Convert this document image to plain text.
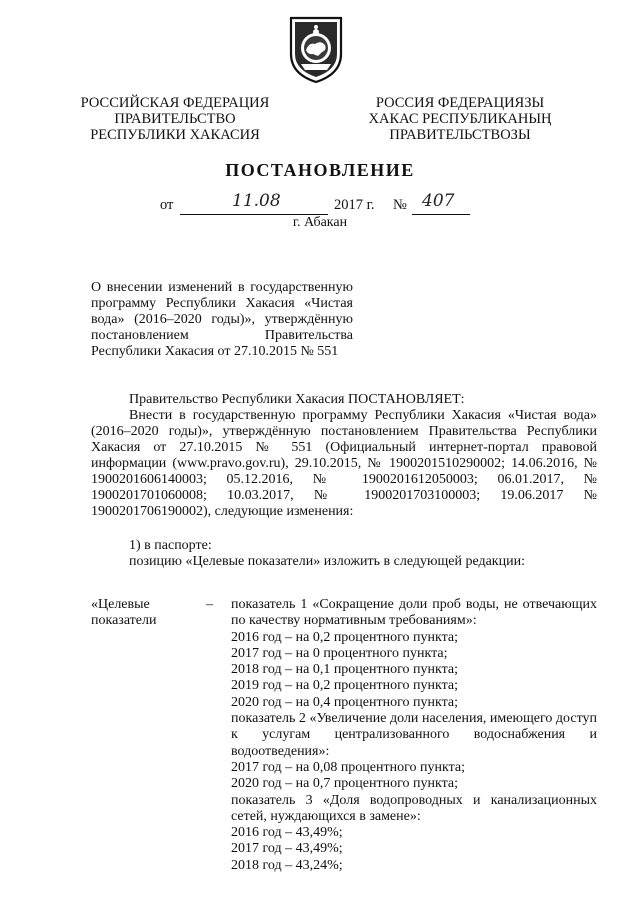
РОССИЙСКАЯ ФЕДЕРАЦИЯ
ПРАВИТЕЛЬСТВО
РЕСПУБЛИКИ ХАКАСИЯ
РОССИЯ ФЕДЕРАЦИЯЗЫ
ХАКАС РЕСПУБЛИКАНЫҢ
ПРАВИТЕЛЬСТВОЗЫ
ПОСТАНОВЛЕНИЕ
от	11.08	2017 г. № 407
г. Абакан
О внесении изменений в государственную программу Республики Хакасия «Чистая вода» (2016–2020 годы)», утверждённую постановлением Правительства Республики Хакасия от 27.10.2015 № 551
Правительство Республики Хакасия ПОСТАНОВЛЯЕТ:
Внести в государственную программу Республики Хакасия «Чистая вода» (2016–2020 годы)», утверждённую постановлением Правительства Республики Хакасия от 27.10.2015 № 551 (Официальный интернет-портал правовой информации (www.pravo.gov.ru), 29.10.2015, № 1900201510290002; 14.06.2016, № 1900201606140003; 05.12.2016, № 1900201612050003; 06.01.2017, № 1900201701060008; 10.03.2017, № 1900201703100003; 19.06.2017 № 1900201706190002), следующие изменения:
1) в паспорте:
позицию «Целевые показатели» изложить в следующей редакции:
«Целевые показатели
– показатель 1 «Сокращение доли проб воды, не отвечающих по качеству нормативным требованиям»:
2016 год – на 0,2 процентного пункта;
2017 год – на 0 процентного пункта;
2018 год – на 0,1 процентного пункта;
2019 год – на 0,2 процентного пункта;
2020 год – на 0,4 процентного пункта;
показатель 2 «Увеличение доли населения, имеющего доступ к услугам централизованного водоснабжения и водоотведения»:
2017 год – на 0,08 процентного пункта;
2020 год – на 0,7 процентного пункта;
показатель 3 «Доля водопроводных и канализационных сетей, нуждающихся в замене»:
2016 год – 43,49%;
2017 год – 43,49%;
2018 год – 43,24%;
